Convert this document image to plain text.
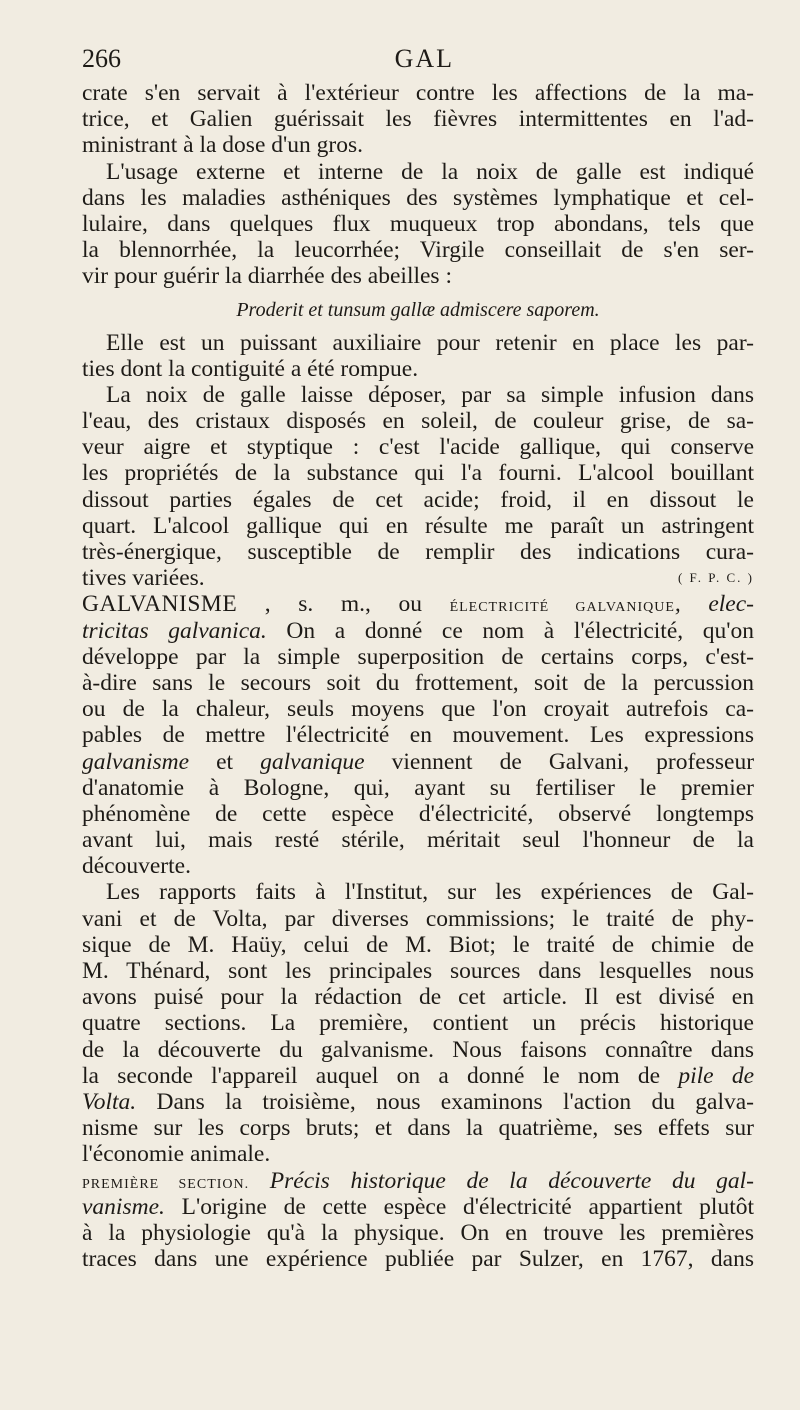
266	GAL
crate s'en servait à l'extérieur contre les affections de la ma-
trice, et Galien guérissait les fièvres intermittentes en l'ad-
ministrant à la dose d'un gros.
L'usage externe et interne de la noix de galle est indiqué
dans les maladies asthéniques des systèmes lymphatique et cel-
lulaire, dans quelques flux muqueux trop abondans, tels que
la blennorrhée, la leucorrhée; Virgile conseillait de s'en ser-
vir pour guérir la diarrhée des abeilles :
Proderit et tunsum gallæ admiscere saporem.
Elle est un puissant auxiliaire pour retenir en place les par-
ties dont la contiguité a été rompue.
La noix de galle laisse déposer, par sa simple infusion dans
l'eau, des cristaux disposés en soleil, de couleur grise, de sa-
veur aigre et styptique : c'est l'acide gallique, qui conserve
les propriétés de la substance qui l'a fourni. L'alcool bouillant
dissout parties égales de cet acide; froid, il en dissout le
quart. L'alcool gallique qui en résulte me paraît un astringent
très-énergique, susceptible de remplir des indications cura-
tives variées.	( F. P. C. )
GALVANISME , s. m., ou ÉLECTRICITÉ GALVANIQUE, elec-
tricitas galvanica. On a donné ce nom à l'électricité, qu'on
développe par la simple superposition de certains corps, c'est-
à-dire sans le secours soit du frottement, soit de la percussion
ou de la chaleur, seuls moyens que l'on croyait autrefois ca-
pables de mettre l'électricité en mouvement. Les expressions
galvanisme et galvanique viennent de Galvani, professeur
d'anatomie à Bologne, qui, ayant su fertiliser le premier
phénomène de cette espèce d'électricité, observé longtemps
avant lui, mais resté stérile, méritait seul l'honneur de la
découverte.
Les rapports faits à l'Institut, sur les expériences de Gal-
vani et de Volta, par diverses commissions; le traité de phy-
sique de M. Haüy, celui de M. Biot; le traité de chimie de
M. Thénard, sont les principales sources dans lesquelles nous
avons puisé pour la rédaction de cet article. Il est divisé en
quatre sections. La première, contient un précis historique
de la découverte du galvanisme. Nous faisons connaître dans
la seconde l'appareil auquel on a donné le nom de pile de
Volta. Dans la troisième, nous examinons l'action du galva-
nisme sur les corps bruts; et dans la quatrième, ses effets sur
l'économie animale.
PREMIÈRE SECTION. Précis historique de la découverte du gal-
vanisme. L'origine de cette espèce d'électricité appartient plutôt
à la physiologie qu'à la physique. On en trouve les premières
traces dans une expérience publiée par Sulzer, en 1767, dans
